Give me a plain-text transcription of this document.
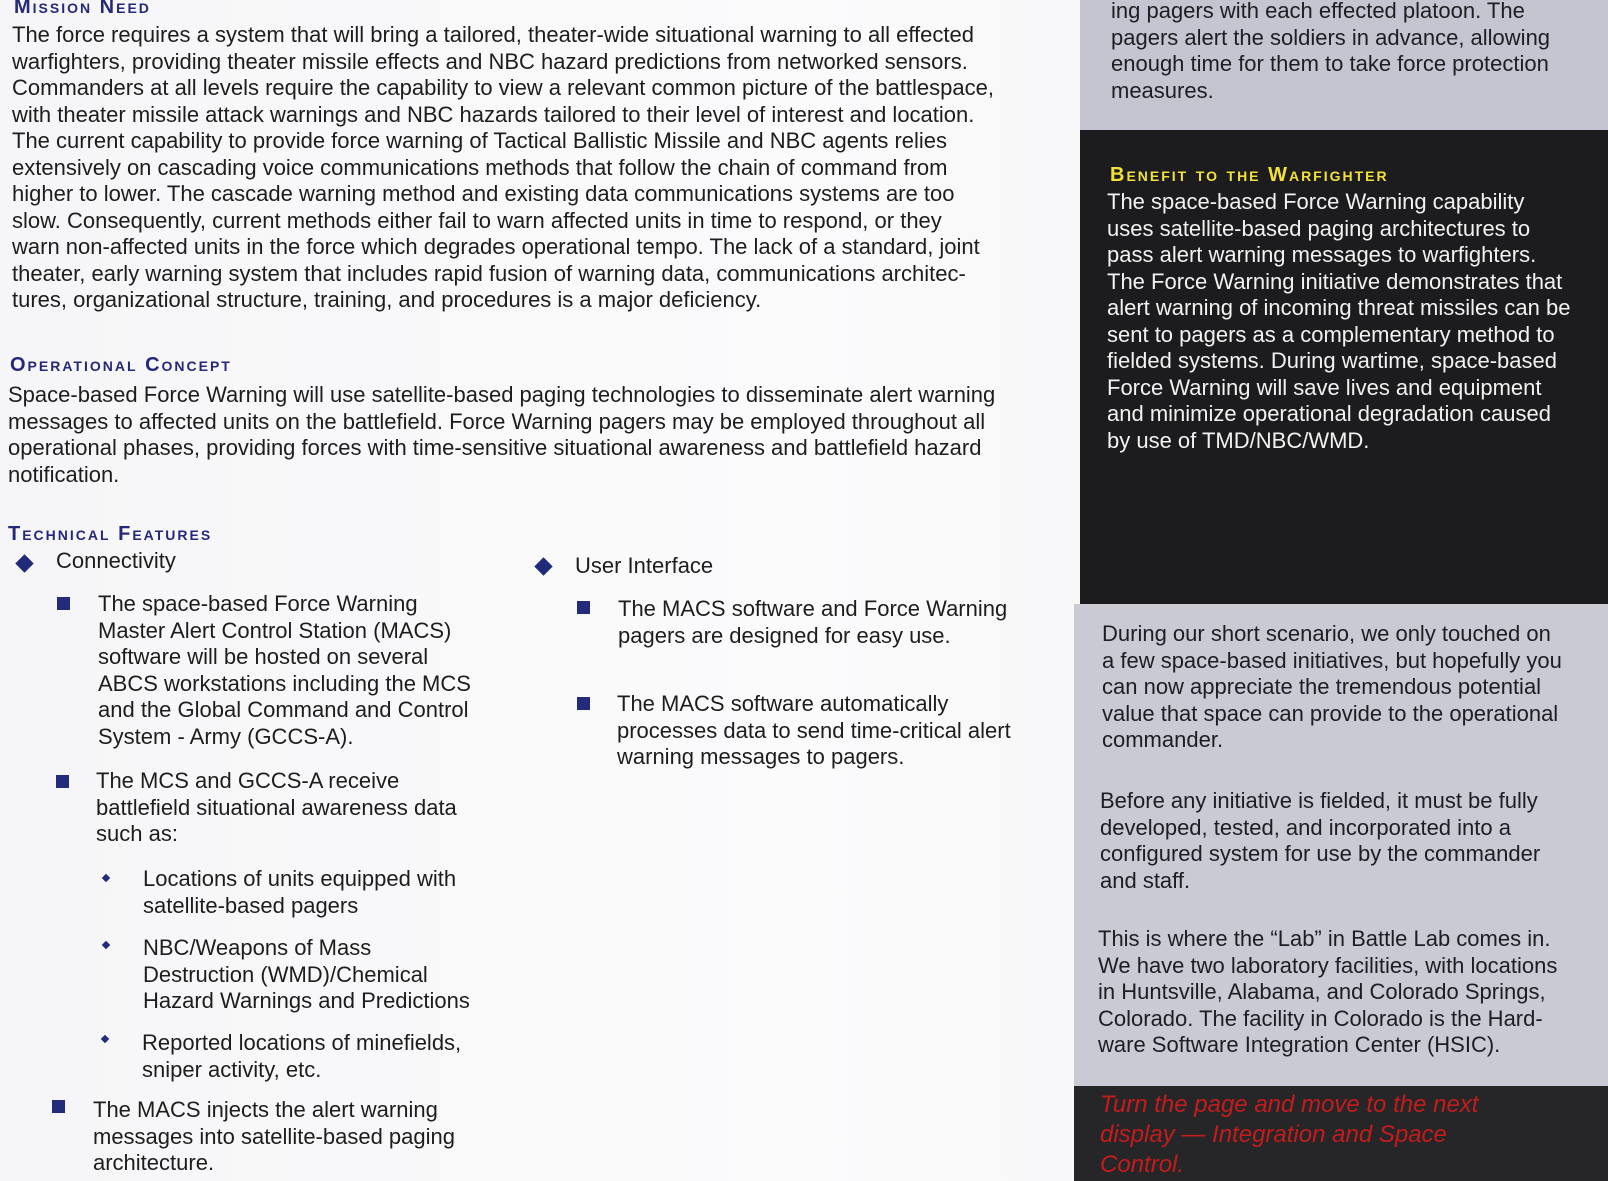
Mission Need
The force requires a system that will bring a tailored, theater-wide situational warning to all effected
warfighters, providing theater missile effects and NBC hazard predictions from networked sensors.
Commanders at all levels require the capability to view a relevant common picture of the battlespace,
with theater missile attack warnings and NBC hazards tailored to their level of interest and location.
The current capability to provide force warning of Tactical Ballistic Missile and NBC agents relies
extensively on cascading voice communications methods that follow the chain of command from
higher to lower. The cascade warning method and existing data communications systems are too
slow. Consequently, current methods either fail to warn affected units in time to respond, or they
warn non-affected units in the force which degrades operational tempo. The lack of a standard, joint
theater, early warning system that includes rapid fusion of warning data, communications architec-
tures, organizational structure, training, and procedures is a major deficiency.
Operational Concept
Space-based Force Warning will use satellite-based paging technologies to disseminate alert warning
messages to affected units on the battlefield. Force Warning pagers may be employed throughout all
operational phases, providing forces with time-sensitive situational awareness and battlefield hazard
notification.
Technical Features
Connectivity
The space-based Force Warning
Master Alert Control Station (MACS)
software will be hosted on several
ABCS workstations including the MCS
and the Global Command and Control
System - Army (GCCS-A).
The MCS and GCCS-A receive
battlefield situational awareness data
such as:
Locations of units equipped with
satellite-based pagers
NBC/Weapons of Mass
Destruction (WMD)/Chemical
Hazard Warnings and Predictions
Reported locations of minefields,
sniper activity, etc.
The MACS injects the alert warning
messages into satellite-based paging
architecture.
User Interface
The MACS software and Force Warning
pagers are designed for easy use.
The MACS software automatically
processes data to send time-critical alert
warning messages to pagers.
ing pagers with each effected platoon. The
pagers alert the soldiers in advance, allowing
enough time for them to take force protection
measures.
Benefit to the Warfighter
The space-based Force Warning capability
uses satellite-based paging architectures to
pass alert warning messages to warfighters.
The Force Warning initiative demonstrates that
alert warning of incoming threat missiles can be
sent to pagers as a complementary method to
fielded systems. During wartime, space-based
Force Warning will save lives and equipment
and minimize operational degradation caused
by use of TMD/NBC/WMD.
During our short scenario, we only touched on
a few space-based initiatives, but hopefully you
can now appreciate the tremendous potential
value that space can provide to the operational
commander.
Before any initiative is fielded, it must be fully
developed, tested, and incorporated into a
configured system for use by the commander
and staff.
This is where the “Lab” in Battle Lab comes in.
We have two laboratory facilities, with locations
in Huntsville, Alabama, and Colorado Springs,
Colorado. The facility in Colorado is the Hard-
ware Software Integration Center (HSIC).
Turn the page and move to the next
display — Integration and Space
Control.
